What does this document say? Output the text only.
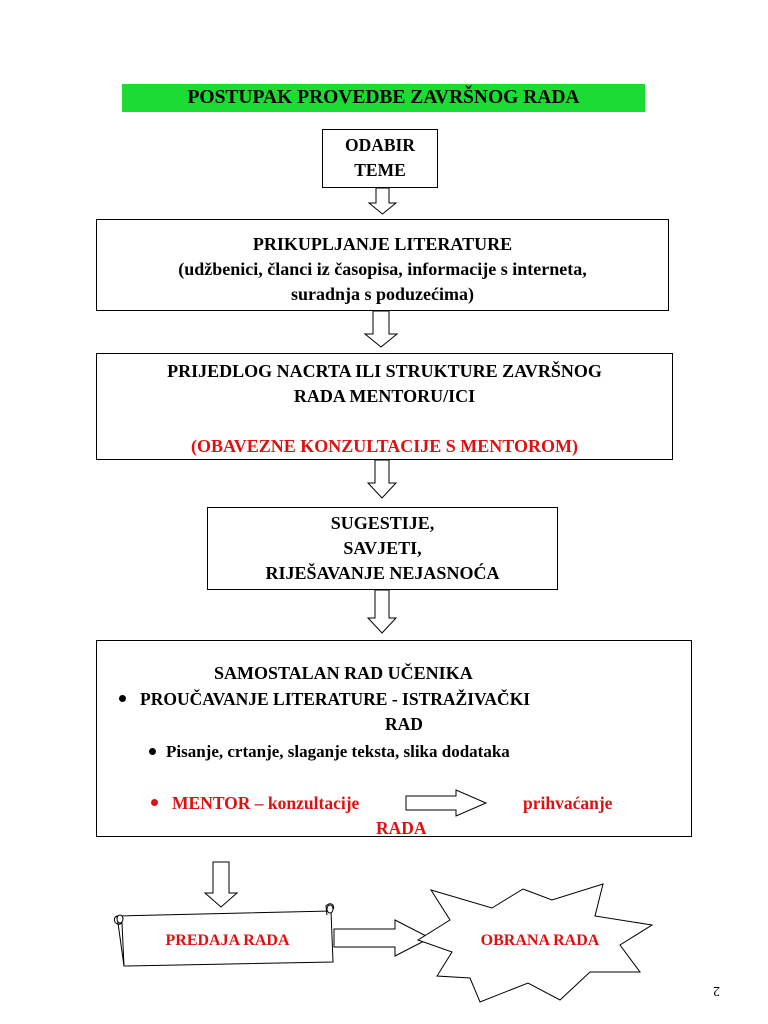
POSTUPAK PROVEDBE ZAVRŠNOG RADA
ODABIR
TEME
PRIKUPLJANJE LITERATURE
(udžbenici, članci iz časopisa, informacije s interneta,
suradnja s poduzećima)
PRIJEDLOG NACRTA ILI STRUKTURE ZAVRŠNOG
RADA MENTORU/ICI
(OBAVEZNE KONZULTACIJE S MENTOROM)
SUGESTIJE,
SAVJETI,
RIJEŠAVANJE NEJASNOĆA
SAMOSTALAN RAD UČENIKA
PROUČAVANJE LITERATURE - ISTRAŽIVAČKI
RAD
Pisanje, crtanje, slaganje teksta, slika dodataka
MENTOR – konzultacije	prihvaćanje
RADA
PREDAJA RADA	OBRANA RADA
2
